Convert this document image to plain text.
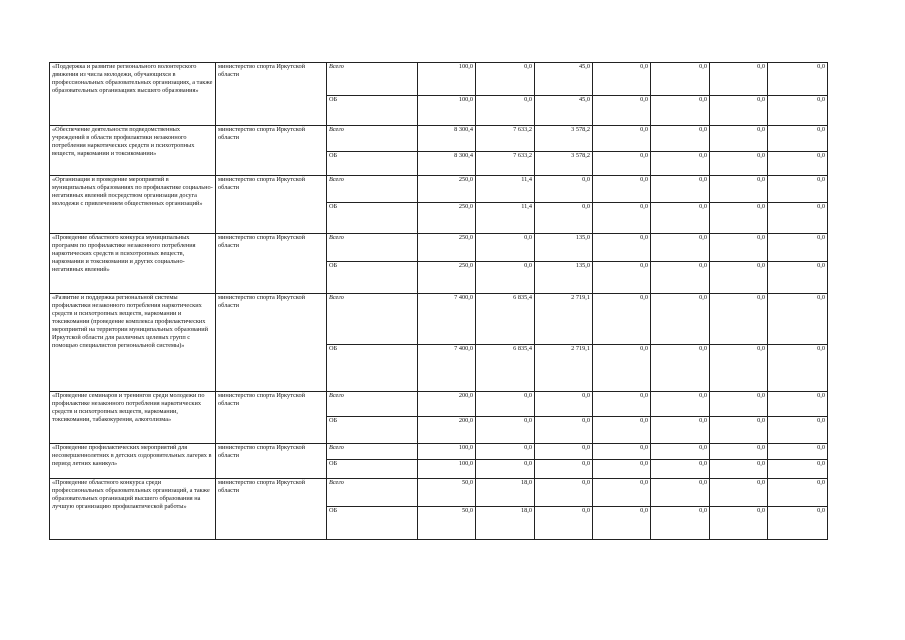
«Поддержка и развитие регионального волонтерского движения из числа молодежи, обучающихся в профессиональных образовательных организациях, а также образовательных организациях высшего образования»	министерство спорта Иркутской области	Всего	100,0	0,0	45,0	0,0	0,0	0,0	0,0
		ОБ	100,0	0,0	45,0	0,0	0,0	0,0	0,0
«Обеспечение деятельности подведомственных учреждений в области профилактики незаконного потребления наркотических средств и психотропных веществ, наркомании и токсикомании»	министерство спорта Иркутской области	Всего	8 300,4	7 633,2	3 578,2	0,0	0,0	0,0	0,0
		ОБ	8 300,4	7 633,2	3 578,2	0,0	0,0	0,0	0,0
«Организация и проведение мероприятий в муниципальных образованиях по профилактике социально-негативных явлений посредством организации досуга молодежи с привлечением общественных организаций»	министерство спорта Иркутской области	Всего	250,0	11,4	0,0	0,0	0,0	0,0	0,0
		ОБ	250,0	11,4	0,0	0,0	0,0	0,0	0,0
«Проведение областного конкурса муниципальных программ по профилактике незаконного потребления наркотических средств и психотропных веществ, наркомании и токсикомании и других социально-негативных явлений»	министерство спорта Иркутской области	Всего	250,0	0,0	135,0	0,0	0,0	0,0	0,0
		ОБ	250,0	0,0	135,0	0,0	0,0	0,0	0,0
«Развитие и поддержка региональной системы профилактики незаконного потребления наркотических средств и психотропных веществ, наркомании и токсикомании (проведение комплекса профилактических мероприятий на территории муниципальных образований Иркутской области для различных целевых групп с помощью специалистов региональной системы)»	министерство спорта Иркутской области	Всего	7 400,0	6 835,4	2 719,1	0,0	0,0	0,0	0,0
		ОБ	7 400,0	6 835,4	2 719,1	0,0	0,0	0,0	0,0
«Проведение семинаров и тренингов среди молодежи по профилактике незаконного потребления наркотических средств и психотропных веществ, наркомании, токсикомании, табакокурения, алкоголизма»	министерство спорта Иркутской области	Всего	200,0	0,0	0,0	0,0	0,0	0,0	0,0
		ОБ	200,0	0,0	0,0	0,0	0,0	0,0	0,0
«Проведение профилактических мероприятий для несовершеннолетних в детских оздоровительных лагерях в период летних каникул»	министерство спорта Иркутской области	Всего	100,0	0,0	0,0	0,0	0,0	0,0	0,0
		ОБ	100,0	0,0	0,0	0,0	0,0	0,0	0,0
«Проведение областного конкурса среди профессиональных образовательных организаций, а также образовательных организаций высшего образования на лучшую организацию профилактической работы»	министерство спорта Иркутской области	Всего	50,0	18,0	0,0	0,0	0,0	0,0	0,0
		ОБ	50,0	18,0	0,0	0,0	0,0	0,0	0,0
